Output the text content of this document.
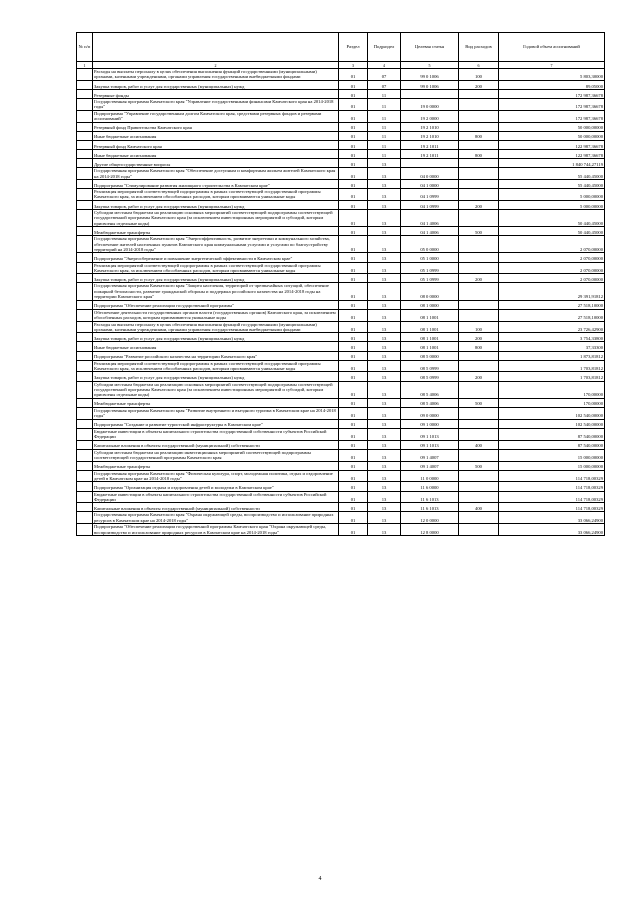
№ п/п		Раздел	Подраздел	Целевая статья	Вид расходов	Годовой объем ассигнований
1	2	3	4	5	6	7
	Расходы на выплаты персоналу в целях обеспечения выполнения функций государственными (муниципальными) органами, казенными учреждениями, органами управления государственными внебюджетными фондами	01	07	99 0 1006	100	5 803,30000
	Закупка товаров, работ и услуг для государственных (муниципальных) нужд	01	07	99 0 1006	200	89,05000
	Резервные фонды	01	11			172 987,36678
	Государственная программа Камчатского края "Управление государственными финансами Камчатского края на 2014-2018 годы"	01	11	19 0 0000		172 987,36678
	Подпрограмма "Управление государственным долгом Камчатского края, средствами резервных фондов и резервами ассигнований"	01	11	19 2 0000		172 987,36678
	Резервный фонд Правительства Камчатского края	01	11	19 2 1010		50 000,00000
	Иные бюджетные ассигнования	01	11	19 2 1010	800	50 000,00000
	Резервный фонд Камчатского края	01	11	19 2 1011		122 987,36678
	Иные бюджетные ассигнования	01	11	19 2 1011	800	122 987,36678
	Другие общегосударственные вопросы	01	13			1 840 744,27119
	Государственная программа Камчатского края "Обеспечение доступным и комфортным жильем жителей Камчатского края на 2014-2018 годы"	01	13	04 0 0000		55 440,45000
	Подпрограмма "Стимулирование развития жилищного строительства в Камчатском крае"	01	13	04 1 0000		55 440,45000
	Реализация мероприятий соответствующей подпрограммы в рамках соответствующей государственной программы Камчатского края, за исключением обособленных расходов, которым присваиваются уникальные коды	01	13	04 1 0999		5 000,00000
	Закупка товаров, работ и услуг для государственных (муниципальных) нужд	01	13	04 1 0999	200	5 000,00000
	Субсидии местным бюджетам на реализацию основных мероприятий соответствующей подпрограммы соответствующей государственной программы Камчатского края (за исключением инвестиционных мероприятий и субсидий, которым присвоены отдельные коды)	01	13	04 1 4006		50 440,45000
	Межбюджетные трансферты	01	13	04 1 4006	500	50 440,45000
	Государственная программа Камчатского края "Энергоэффективность, развитие энергетики и коммунального хозяйства, обеспечение жителей населенных пунктов Камчатского края коммунальными услугами и услугами по благоустройству территорий на 2014-2018 годы"	01	13	05 0 0000		2 070,00000
	Подпрограмма "Энергосбережение и повышение энергетической эффективности в Камчатском крае"	01	13	05 1 0000		2 070,00000
	Реализация мероприятий соответствующей подпрограммы в рамках соответствующей государственной программы Камчатского края, за исключением обособленных расходов, которым присваиваются уникальные коды	01	13	05 1 0999		2 070,00000
	Закупка товаров, работ и услуг для государственных (муниципальных) нужд	01	13	05 1 0999	200	2 070,00000
	Государственная программа Камчатского края "Защита населения, территорий от чрезвычайных ситуаций, обеспечение пожарной безопасности, развитие гражданской обороны и поддержка российского казачества на 2014-2018 годы на территории Камчатского края"	01	13	08 0 0000		29 391,91812
	Подпрограмма "Обеспечение реализации государственной программы"	01	13	08 1 0000		27 518,10000
	Обеспечение деятельности государственных органов власти (государственных органов) Камчатского края, за исключением обособленных расходов, которым присваиваются уникальные коды	01	13	08 1 1001		27 518,10000
	Расходы на выплаты персоналу в целях обеспечения выполнения функций государственными (муниципальными) органами, казенными учреждениями, органами управления государственными внебюджетными фондами	01	13	08 1 1001	100	23 726,42900
	Закупка товаров, работ и услуг для государственных (муниципальных) нужд	01	13	08 1 1001	200	3 754,33800
	Иные бюджетные ассигнования	01	13	08 1 1001	800	37,33300
	Подпрограмма "Развитие российского казачества на территории Камчатского края"	01	13	08 5 0000		1 873,81812
	Реализация мероприятий соответствующей подпрограммы в рамках соответствующей государственной программы Камчатского края, за исключением обособленных расходов, которым присваиваются уникальные коды	01	13	08 5 0999		1 703,81812
	Закупка товаров, работ и услуг для государственных (муниципальных) нужд	01	13	08 5 0999	200	1 703,81812
	Субсидии местным бюджетам на реализацию основных мероприятий соответствующей подпрограммы соответствующей государственной программы Камчатского края (за исключением инвестиционных мероприятий и субсидий, которым присвоены отдельные коды)	01	13	08 5 4006		170,00000
	Межбюджетные трансферты	01	13	08 5 4006	500	170,00000
	Государственная программа Камчатского края "Развитие внутреннего и въездного туризма в Камчатском крае на 2014-2018 годы"	01	13	09 0 0000		102 540,00000
	Подпрограмма "Создание и развитие туристской инфраструктуры в Камчатском крае"	01	13	09 1 0000		102 540,00000
	Бюджетные инвестиции в объекты капитального строительства государственной собственности субъектов Российской Федерации	01	13	09 1 1013		87 540,00000
	Капитальные вложения в объекты государственной (муниципальной) собственности	01	13	09 1 1013	400	87 540,00000
	Субсидии местным бюджетам на реализацию инвестиционных мероприятий соответствующей подпрограммы соответствующей государственной программы Камчатского края	01	13	09 1 4007		15 000,00000
	Межбюджетные трансферты	01	13	09 1 4007	500	15 000,00000
	Государственная программа Камчатского края "Физическая культура, спорт, молодежная политика, отдых и оздоровление детей в Камчатском крае на 2014-2018 годы"	01	13	11 0 0000		114 718,00329
	Подпрограмма "Организация отдыха и оздоровления детей и молодежи в Камчатском крае"	01	13	11 6 0000		114 718,00329
	Бюджетные инвестиции в объекты капитального строительства государственной собственности субъектов Российской Федерации	01	13	11 6 1013		114 718,00329
	Капитальные вложения в объекты государственной (муниципальной) собственности	01	13	11 6 1013	400	114 718,00329
	Государственная программа Камчатского края "Охрана окружающей среды, воспроизводство и использование природных ресурсов в Камчатском крае на 2014-2018 годы"	01	13	12 0 0000		33 066,24900
	Подпрограмма "Обеспечение реализации государственной программы Камчатского края "Охрана окружающей среды, воспроизводство и использование природных ресурсов в Камчатском крае на 2014-2018 годы"	01	13	12 8 0000		33 066,24900
4
